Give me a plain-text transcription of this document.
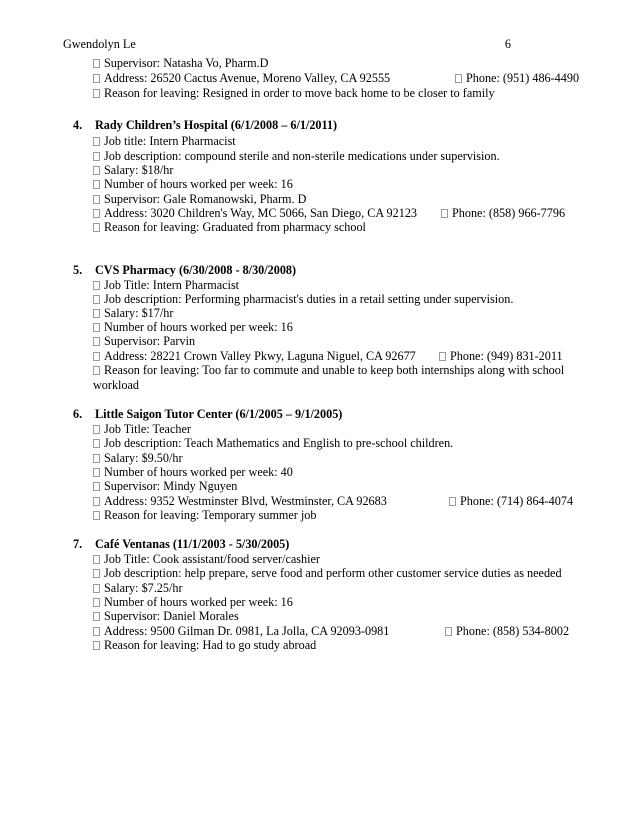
Gwendolyn Le	6
Supervisor: Natasha Vo, Pharm.D
Address: 26520 Cactus Avenue, Moreno Valley, CA 92555	Phone: (951) 486-4490
Reason for leaving: Resigned in order to move back home to be closer to family
4. Rady Children’s Hospital (6/1/2008 – 6/1/2011)
Job title: Intern Pharmacist
Job description: compound sterile and non-sterile medications under supervision.
Salary: $18/hr
Number of hours worked per week: 16
Supervisor: Gale Romanowski, Pharm. D
Address: 3020 Children's Way, MC 5066, San Diego, CA 92123	Phone: (858) 966-7796
Reason for leaving: Graduated from pharmacy school
5. CVS Pharmacy (6/30/2008 - 8/30/2008)
Job Title: Intern Pharmacist
Job description: Performing pharmacist's duties in a retail setting under supervision.
Salary: $17/hr
Number of hours worked per week: 16
Supervisor: Parvin
Address: 28221 Crown Valley Pkwy, Laguna Niguel, CA 92677	Phone: (949) 831-2011
Reason for leaving: Too far to commute and unable to keep both internships along with school
workload
6. Little Saigon Tutor Center (6/1/2005 – 9/1/2005)
Job Title: Teacher
Job description: Teach Mathematics and English to pre-school children.
Salary: $9.50/hr
Number of hours worked per week: 40
Supervisor: Mindy Nguyen
Address: 9352 Westminster Blvd, Westminster, CA 92683	Phone: (714) 864-4074
Reason for leaving: Temporary summer job
7. Café Ventanas (11/1/2003 - 5/30/2005)
Job Title: Cook assistant/food server/cashier
Job description: help prepare, serve food and perform other customer service duties as needed
Salary: $7.25/hr
Number of hours worked per week: 16
Supervisor: Daniel Morales
Address: 9500 Gilman Dr. 0981, La Jolla, CA 92093-0981	Phone: (858) 534-8002
Reason for leaving: Had to go study abroad
